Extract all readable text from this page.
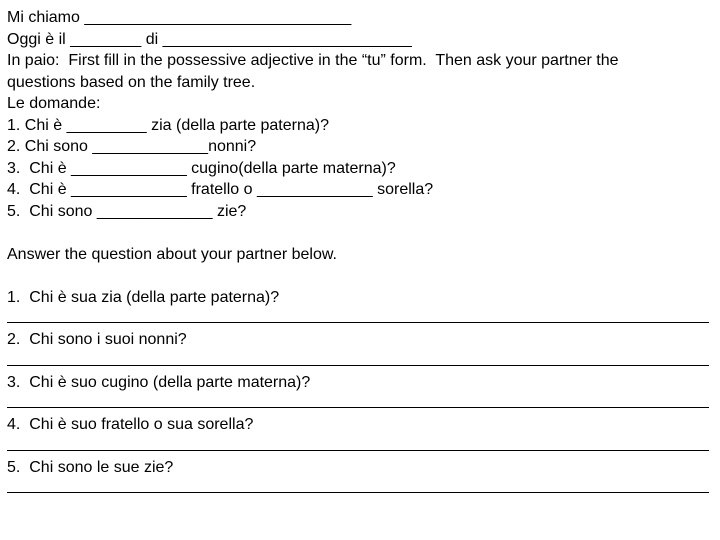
Mi chiamo ______________________________

Oggi è il ________ di ____________________________

In paio:  First fill in the possessive adjective in the “tu” form.  Then ask your partner the

questions based on the family tree.

Le domande:

1. Chi è _________ zia (della parte paterna)?

2. Chi sono _____________nonni?

3.  Chi è _____________ cugino(della parte materna)?

4.  Chi è _____________ fratello o _____________ sorella?

5.  Chi sono _____________ zie?

Answer the question about your partner below.

1.  Chi è sua zia (della parte paterna)?

2.  Chi sono i suoi nonni?

3.  Chi è suo cugino (della parte materna)?

4.  Chi è suo fratello o sua sorella?

5.  Chi sono le sue zie?
